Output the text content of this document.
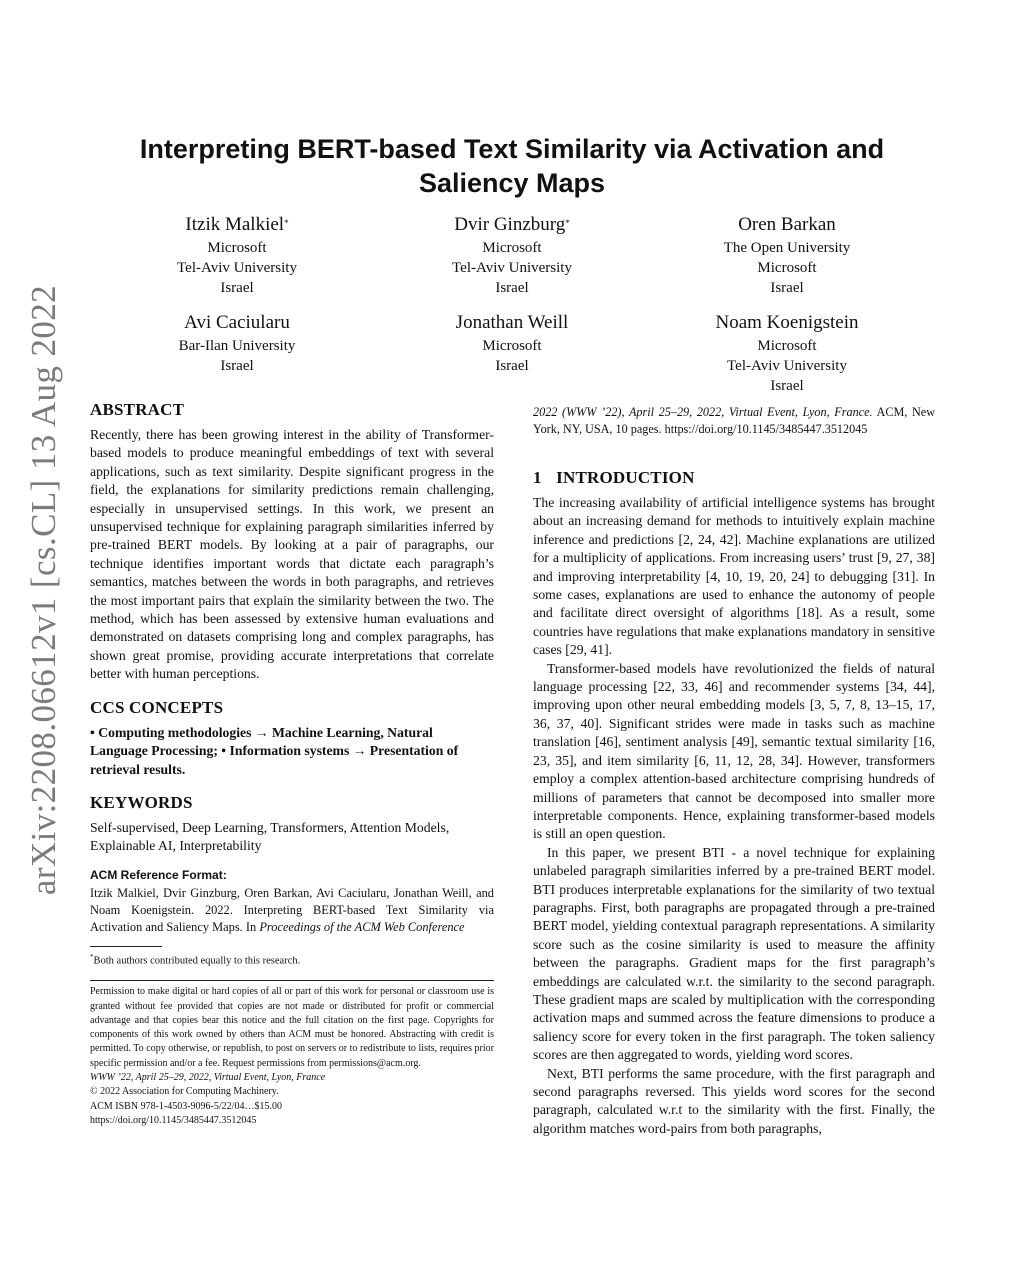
arXiv:2208.06612v1 [cs.CL] 13 Aug 2022
Interpreting BERT-based Text Similarity via Activation and
Saliency Maps
Itzik Malkiel*
Microsoft
Tel-Aviv University
Israel
Dvir Ginzburg*
Microsoft
Tel-Aviv University
Israel
Oren Barkan
The Open University
Microsoft
Israel
Avi Caciularu
Bar-Ilan University
Israel
Jonathan Weill
Microsoft
Israel
Noam Koenigstein
Microsoft
Tel-Aviv University
Israel
ABSTRACT

Recently, there has been growing interest in the ability of Transformer-based models to produce meaningful embeddings of text with several applications, such as text similarity. Despite significant progress in the field, the explanations for similarity predictions remain challenging, especially in unsupervised settings. In this work, we present an unsupervised technique for explaining paragraph similarities inferred by pre-trained BERT models. By looking at a pair of paragraphs, our technique identifies important words that dictate each paragraph’s semantics, matches between the words in both paragraphs, and retrieves the most important pairs that explain the similarity between the two. The method, which has been assessed by extensive human evaluations and demonstrated on datasets comprising long and complex paragraphs, has shown great promise, providing accurate interpretations that correlate better with human perceptions.

CCS CONCEPTS

• Computing methodologies → Machine Learning, Natural Language Processing; • Information systems → Presentation of retrieval results.

KEYWORDS

Self-supervised, Deep Learning, Transformers, Attention Models, Explainable AI, Interpretability

ACM Reference Format:

Itzik Malkiel, Dvir Ginzburg, Oren Barkan, Avi Caciularu, Jonathan Weill, and Noam Koenigstein. 2022. Interpreting BERT-based Text Similarity via Activation and Saliency Maps. In Proceedings of the ACM Web Conference

*Both authors contributed equally to this research.

Permission to make digital or hard copies of all or part of this work for personal or classroom use is granted without fee provided that copies are not made or distributed for profit or commercial advantage and that copies bear this notice and the full citation on the first page. Copyrights for components of this work owned by others than ACM must be honored. Abstracting with credit is permitted. To copy otherwise, or republish, to post on servers or to redistribute to lists, requires prior specific permission and/or a fee. Request permissions from permissions@acm.org.

WWW ’22, April 25–29, 2022, Virtual Event, Lyon, France

© 2022 Association for Computing Machinery.

ACM ISBN 978-1-4503-9096-5/22/04…$15.00

https://doi.org/10.1145/3485447.3512045

2022 (WWW ’22), April 25–29, 2022, Virtual Event, Lyon, France. ACM, New York, NY, USA, 10 pages. https://doi.org/10.1145/3485447.3512045

1 INTRODUCTION

The increasing availability of artificial intelligence systems has brought about an increasing demand for methods to intuitively explain machine inference and predictions [2, 24, 42]. Machine explanations are utilized for a multiplicity of applications. From increasing users’ trust [9, 27, 38] and improving interpretability [4, 10, 19, 20, 24] to debugging [31]. In some cases, explanations are used to enhance the autonomy of people and facilitate direct oversight of algorithms [18]. As a result, some countries have regulations that make explanations mandatory in sensitive cases [29, 41].

Transformer-based models have revolutionized the fields of natural language processing [22, 33, 46] and recommender systems [34, 44], improving upon other neural embedding models [3, 5, 7, 8, 13–15, 17, 36, 37, 40]. Significant strides were made in tasks such as machine translation [46], sentiment analysis [49], semantic textual similarity [16, 23, 35], and item similarity [6, 11, 12, 28, 34]. However, transformers employ a complex attention-based architecture comprising hundreds of millions of parameters that cannot be decomposed into smaller more interpretable components. Hence, explaining transformer-based models is still an open question.

In this paper, we present BTI - a novel technique for explaining unlabeled paragraph similarities inferred by a pre-trained BERT model. BTI produces interpretable explanations for the similarity of two textual paragraphs. First, both paragraphs are propagated through a pre-trained BERT model, yielding contextual paragraph representations. A similarity score such as the cosine similarity is used to measure the affinity between the paragraphs. Gradient maps for the first paragraph’s embeddings are calculated w.r.t. the similarity to the second paragraph. These gradient maps are scaled by multiplication with the corresponding activation maps and summed across the feature dimensions to produce a saliency score for every token in the first paragraph. The token saliency scores are then aggregated to words, yielding word scores.

Next, BTI performs the same procedure, with the first paragraph and second paragraphs reversed. This yields word scores for the second paragraph, calculated w.r.t to the similarity with the first. Finally, the algorithm matches word-pairs from both paragraphs,
